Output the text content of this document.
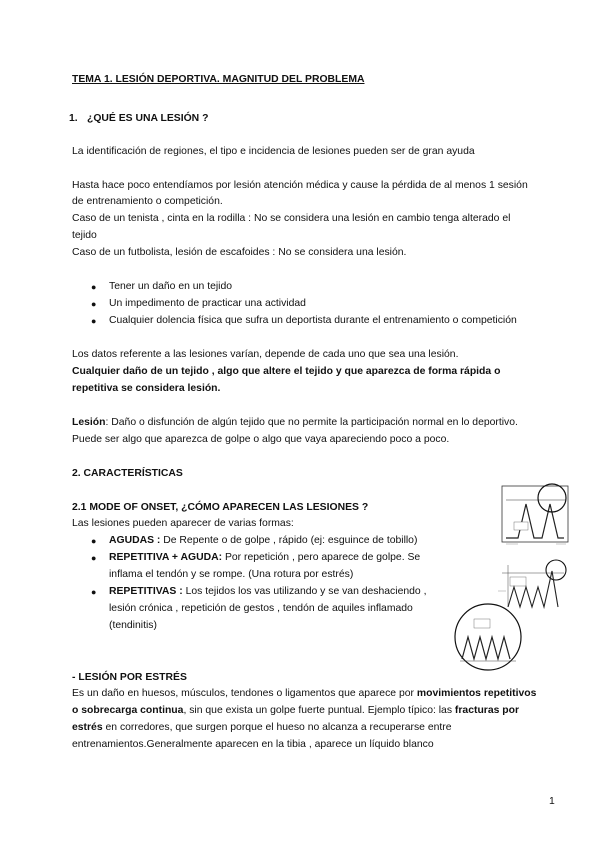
TEMA 1. LESIÓN DEPORTIVA. MAGNITUD DEL PROBLEMA
1. ¿QUÉ ES UNA LESIÓN ?
La identificación de regiones, el tipo e incidencia de lesiones pueden ser de gran ayuda
Hasta hace poco entendíamos por lesión atención médica y cause la pérdida de al menos 1 sesión
de entrenamiento o competición.
Caso de un tenista , cinta en la rodilla : No se considera una lesión en cambio tenga alterado el
tejido
Caso de un futbolista, lesión de escafoides : No se considera una lesión.
● Tener un daño en un tejido
● Un impedimento de practicar una actividad
● Cualquier dolencia física que sufra un deportista durante el entrenamiento o competición
Los datos referente a las lesiones varían, depende de cada uno que sea una lesión.
Cualquier daño de un tejido , algo que altere el tejido y que aparezca de forma rápida o
repetitiva se considera lesión.
Lesión: Daño o disfunción de algún tejido que no permite la participación normal en lo deportivo.
Puede ser algo que aparezca de golpe o algo que vaya apareciendo poco a poco.
2. CARACTERÍSTICAS
2.1 MODE OF ONSET, ¿CÓMO APARECEN LAS LESIONES ?
Las lesiones pueden aparecer de varias formas:
● AGUDAS : De Repente o de golpe , rápido (ej: esguince de tobillo)
● REPETITIVA + AGUDA: Por repetición , pero aparece de golpe. Se
inflama el tendón y se rompe. (Una rotura por estrés)
● REPETITIVAS : Los tejidos los vas utilizando y se van deshaciendo ,
lesión crónica , repetición de gestos , tendón de aquiles inflamado
(tendinitis)
- LESIÓN POR ESTRÉS
Es un daño en huesos, músculos, tendones o ligamentos que aparece por movimientos repetitivos
o sobrecarga continua, sin que exista un golpe fuerte puntual. Ejemplo típico: las fracturas por
estrés en corredores, que surgen porque el hueso no alcanza a recuperarse entre
entrenamientos.Generalmente aparecen en la tibia , aparece un líquido blanco
1
